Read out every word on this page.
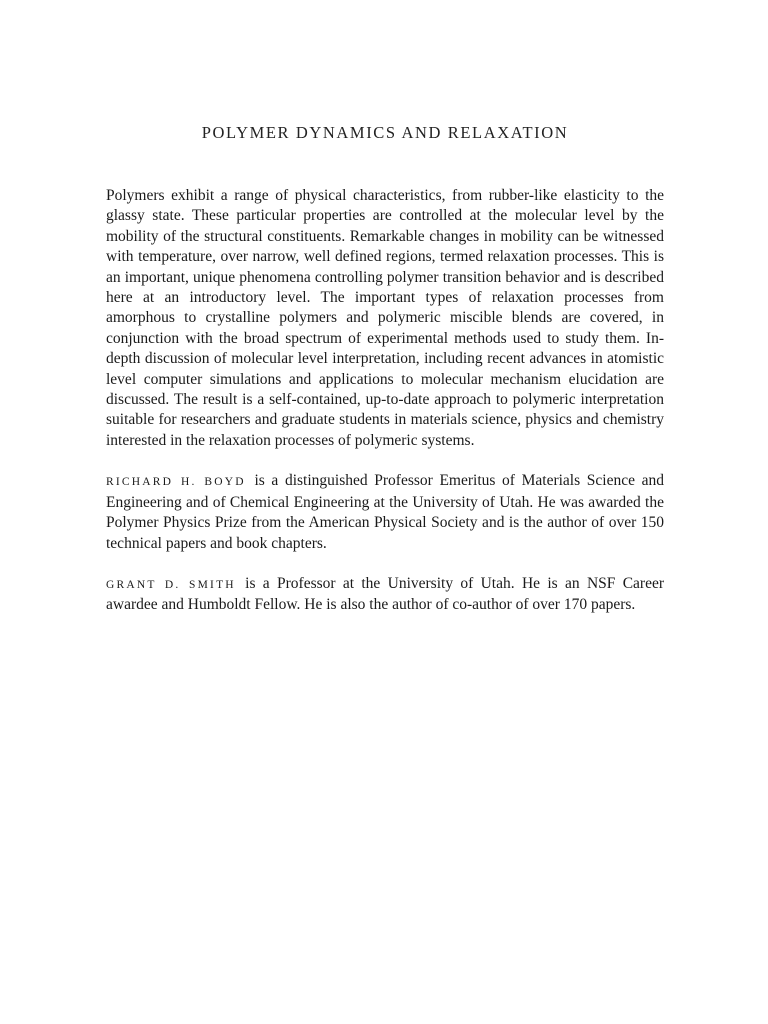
POLYMER DYNAMICS AND RELAXATION

Polymers exhibit a range of physical characteristics, from rubber-like elasticity to the glassy state. These particular properties are controlled at the molecular level by the mobility of the structural constituents. Remarkable changes in mobility can be witnessed with temperature, over narrow, well defined regions, termed relaxation processes. This is an important, unique phenomena controlling polymer transition behavior and is described here at an introductory level. The important types of relaxation processes from amorphous to crystalline polymers and polymeric miscible blends are covered, in conjunction with the broad spectrum of experimental methods used to study them. In-depth discussion of molecular level interpretation, including recent advances in atomistic level computer simulations and applications to molecular mechanism elucidation are discussed. The result is a self-contained, up-to-date approach to polymeric interpretation suitable for researchers and graduate students in materials science, physics and chemistry interested in the relaxation processes of polymeric systems.

RICHARD H. BOYD is a distinguished Professor Emeritus of Materials Science and Engineering and of Chemical Engineering at the University of Utah. He was awarded the Polymer Physics Prize from the American Physical Society and is the author of over 150 technical papers and book chapters.

GRANT D. SMITH is a Professor at the University of Utah. He is an NSF Career awardee and Humboldt Fellow. He is also the author of co-author of over 170 papers.
